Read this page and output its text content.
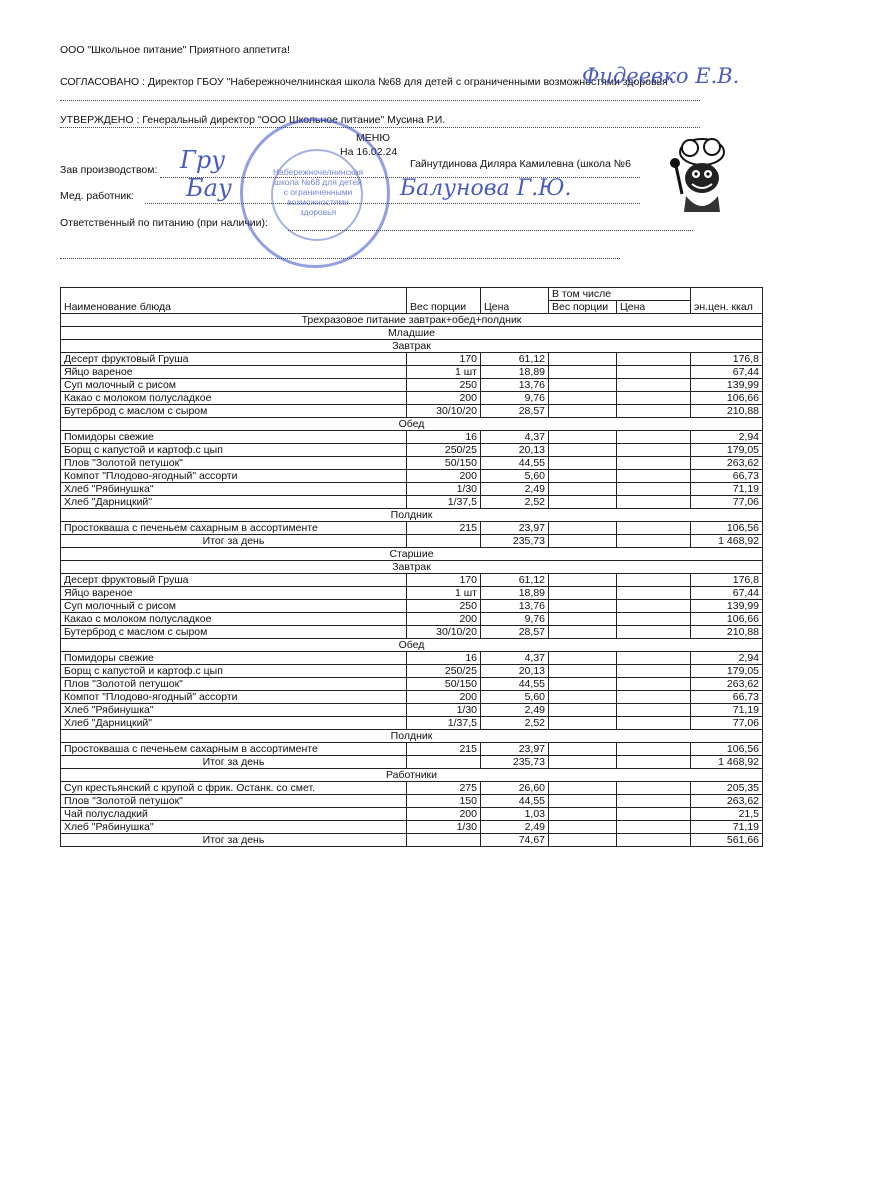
ООО "Школьное питание" Приятного аппетита!
СОГЛАСОВАНО : Директор ГБОУ "Набережночелнинская школа №68 для детей с ограниченными возможностями здоровья"
Фидеевко Е.В.
УТВЕРЖДЕНО : Генеральный директор "ООО Школьное питание" Мусина Р.И.
МЕНЮ
На 16.02.24
Зав производством:	Гайнутдинова Диляра Камилевна (школа №6
Гру
Мед. работник: Бау	Балунова Г.Ю.
Ответственный по питанию (при наличии):
Набережночелнинская школа №68 для детей с ограниченными возможностями здоровья
Наименование блюда	Вес порции	Цена	В том числе		эн.цен. ккал
			Вес порции	Цена	
Трехразовое питание завтрак+обед+полдник					
Младшие					
Завтрак					
Десерт фруктовый Груша	170	61,12			176,8
Яйцо вареное	1 шт	18,89			67,44
Суп молочный с рисом	250	13,76			139,99
Какао с молоком полусладкое	200	9,76			106,66
Бутерброд с маслом с сыром	30/10/20	28,57			210,88
Обед					
Помидоры свежие	16	4,37			2,94
Борщ с капустой и картоф.с цып	250/25	20,13			179,05
Плов "Золотой петушок"	50/150	44,55			263,62
Компот "Плодово-ягодный" ассорти	200	5,60			66,73
Хлеб "Рябинушка"	1/30	2,49			71,19
Хлеб "Дарницкий"	1/37,5	2,52			77,06
Полдник					
Простокваша с печеньем сахарным в ассортименте	215	23,97			106,56
Итог за день		235,73			1 468,92
Старшие					
Завтрак					
Десерт фруктовый Груша	170	61,12			176,8
Яйцо вареное	1 шт	18,89			67,44
Суп молочный с рисом	250	13,76			139,99
Какао с молоком полусладкое	200	9,76			106,66
Бутерброд с маслом с сыром	30/10/20	28,57			210,88
Обед					
Помидоры свежие	16	4,37			2,94
Борщ с капустой и картоф.с цып	250/25	20,13			179,05
Плов "Золотой петушок"	50/150	44,55			263,62
Компот "Плодово-ягодный" ассорти	200	5,60			66,73
Хлеб "Рябинушка"	1/30	2,49			71,19
Хлеб "Дарницкий"	1/37,5	2,52			77,06
Полдник					
Простокваша с печеньем сахарным в ассортименте	215	23,97			106,56
Итог за день		235,73			1 468,92
Работники					
Суп крестьянский с крупой с фрик. Останк. со смет.	275	26,60			205,35
Плов "Золотой петушок"	150	44,55			263,62
Чай полусладкий	200	1,03			21,5
Хлеб "Рябинушка"	1/30	2,49			71,19
Итог за день		74,67			561,66
